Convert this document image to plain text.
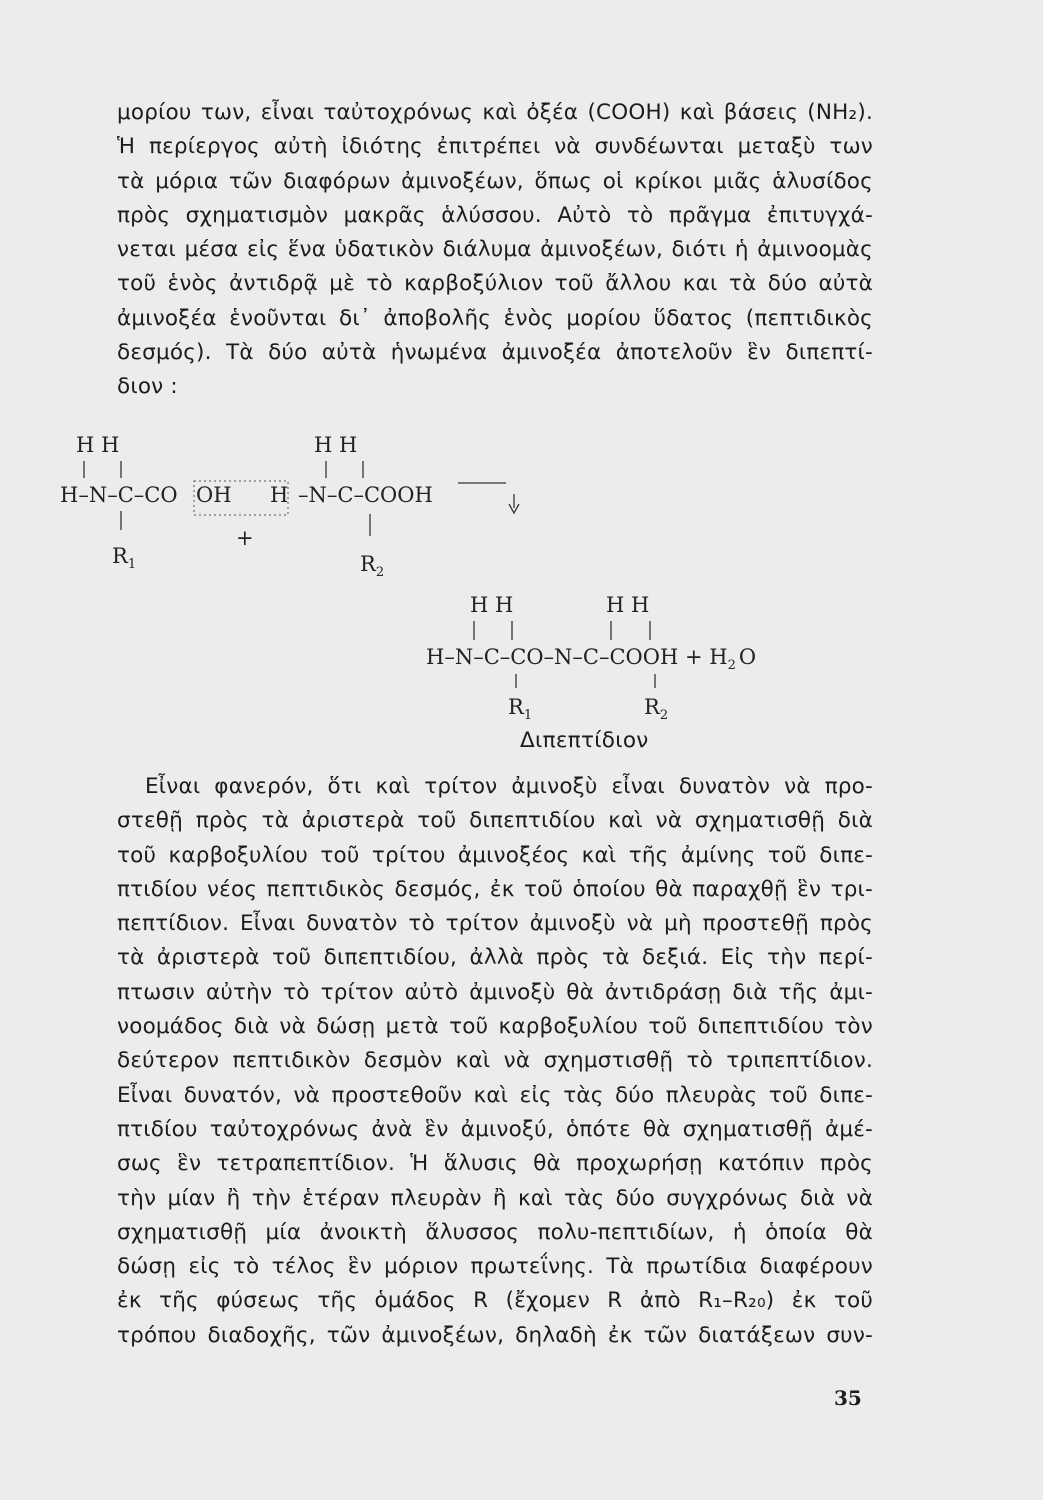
μορίου των, εἶναι ταὐτοχρόνως καὶ ὀξέα (COOH) καὶ βάσεις (NH₂).
Ἡ περίεργος αὐτὴ ἰδιότης ἐπιτρέπει νὰ συνδέωνται μεταξὺ των
τὰ μόρια τῶν διαφόρων ἀμινοξέων, ὅπως οἱ κρίκοι μιᾶς ἁλυσίδος
πρὸς σχηματισμὸν μακρᾶς ἁλύσσου. Αὐτὸ τὸ πρᾶγμα ἐπιτυγχά-
νεται μέσα εἰς ἕνα ὑδατικὸν διάλυμα ἀμινοξέων, διότι ἡ ἀμινοομὰς
τοῦ ἑνὸς ἀντιδρᾷ μὲ τὸ καρβοξύλιον τοῦ ἄλλου και τὰ δύο αὐτὰ
ἀμινοξέα ἑνοῦνται δι᾽ ἀποβολῆς ἑνὸς μορίου ὕδατος (πεπτιδικὸς
δεσμός). Τὰ δύο αὐτὰ ἡνωμένα ἀμινοξέα ἀποτελοῦν ἓν διπεπτί-
διον :
H H
H–N–C–CO OH
+
$R_1$
H H
H –N–C–COOH
$R_2$
H H	H H
H–N–C–CO–N–C–COOH + $H_2$ O
$R_1$	$R_2$
Διπεπτίδιον
Εἶναι φανερόν, ὅτι καὶ τρίτον ἀμινοξὺ εἶναι δυνατὸν νὰ προ-
στεθῇ πρὸς τὰ ἀριστερὰ τοῦ διπεπτιδίου καὶ νὰ σχηματισθῇ διὰ
τοῦ καρβοξυλίου τοῦ τρίτου ἀμινοξέος καὶ τῆς ἀμίνης τοῦ διπε-
πτιδίου νέος πεπτιδικὸς δεσμός, ἐκ τοῦ ὁποίου θὰ παραχθῇ ἓν τρι-
πεπτίδιον. Εἶναι δυνατὸν τὸ τρίτον ἀμινοξὺ νὰ μὴ προστεθῇ πρὸς
τὰ ἀριστερὰ τοῦ διπεπτιδίου, ἀλλὰ πρὸς τὰ δεξιά. Εἰς τὴν περί-
πτωσιν αὐτὴν τὸ τρίτον αὐτὸ ἀμινοξὺ θὰ ἀντιδράσῃ διὰ τῆς ἀμι-
νοομάδος διὰ νὰ δώσῃ μετὰ τοῦ καρβοξυλίου τοῦ διπεπτιδίου τὸν
δεύτερον πεπτιδικὸν δεσμὸν καὶ νὰ σχημστισθῇ τὸ τριπεπτίδιον.
Εἶναι δυνατόν, νὰ προστεθοῦν καὶ εἰς τὰς δύο πλευρὰς τοῦ διπε-
πτιδίου ταὐτοχρόνως ἀνὰ ἓν ἀμινοξύ, ὁπότε θὰ σχηματισθῇ ἀμέ-
σως ἓν τετραπεπτίδιον. Ἡ ἅλυσις θὰ προχωρήσῃ κατόπιν πρὸς
τὴν μίαν ἢ τὴν ἑτέραν πλευρὰν ἢ καὶ τὰς δύο συγχρόνως διὰ νὰ
σχηματισθῇ μία ἀνοικτὴ ἅλυσσος πολυ-πεπτιδίων, ἡ ὁποία θὰ
δώσῃ εἰς τὸ τέλος ἓν μόριον πρωτεΐνης. Τὰ πρωτίδια διαφέρουν
ἐκ τῆς φύσεως τῆς ὁμάδος R (ἔχομεν R ἀπὸ R₁–R₂₀) ἐκ τοῦ
τρόπου διαδοχῆς, τῶν ἀμινοξέων, δηλαδὴ ἐκ τῶν διατάξεων συν-
35
